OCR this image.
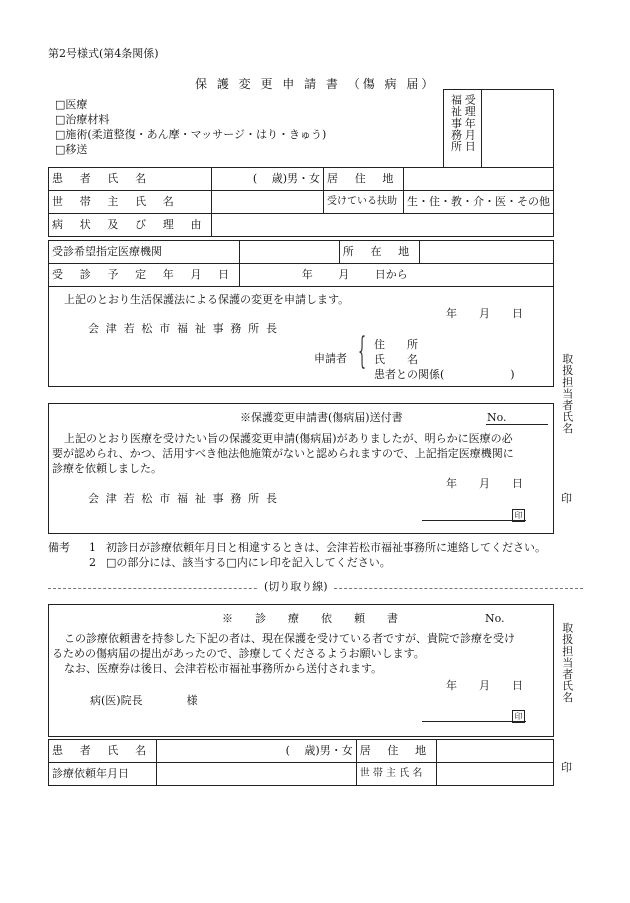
第2号様式(第4条関係)
保 護 変 更 申 請 書 （傷 病 届）
□医療
□治療材料
□施術(柔道整復・あん摩・マッサージ・はり・きゅう)
□移送	受理年月日 福祉事務所
患 者 氏 名	(　 歳)男・女	居 住 地	
世 帯 主 氏 名		受けている扶助	生・住・教・介・医・その他
病 状 及 び 理 由			
受診希望指定医療機関		所 在 地	
受 診 予 定 年 月 日	年　　 月　　 日から		
上記のとおり生活保護法による保護の変更を申請します。
年　　月　　日
会 津 若 松 市 福 祉 事 務 所 長
申請者 { 住　　所
氏　　名
患者との関係(　　　　　　)	取扱担当者氏名
印
※保護変更申請書(傷病届)送付書	No.
上記のとおり医療を受けたい旨の保護変更申請(傷病届)がありましたが、明らかに医療の必
要が認められ、かつ、活用すべき他法他施策がないと認められますので、上記指定医療機関に
診療を依頼しました。
年　　月　　日
会 津 若 松 市 福 祉 事 務 所 長
印
備考 1 初診日が診療依頼年月日と相違するときは、会津若松市福祉事務所に連絡してください。
2 □の部分には、該当する□内にレ印を記入してください。
(切り取り線)
※　　診　　療　　依　　頼　　書	No.
この診療依頼書を持参した下記の者は、現在保護を受けている者ですが、貴院で診療を受け
るための傷病届の提出があったので、診療してくださるようお願いします。
なお、医療券は後日、会津若松市福祉事務所から送付されます。
年　　月　　日
病(医)院長　　　　様
印
患 者 氏 名	(　 歳)男・女	居 住 地	
診療依頼年月日		世 帯 主 氏 名	
取扱担当者氏名
印
